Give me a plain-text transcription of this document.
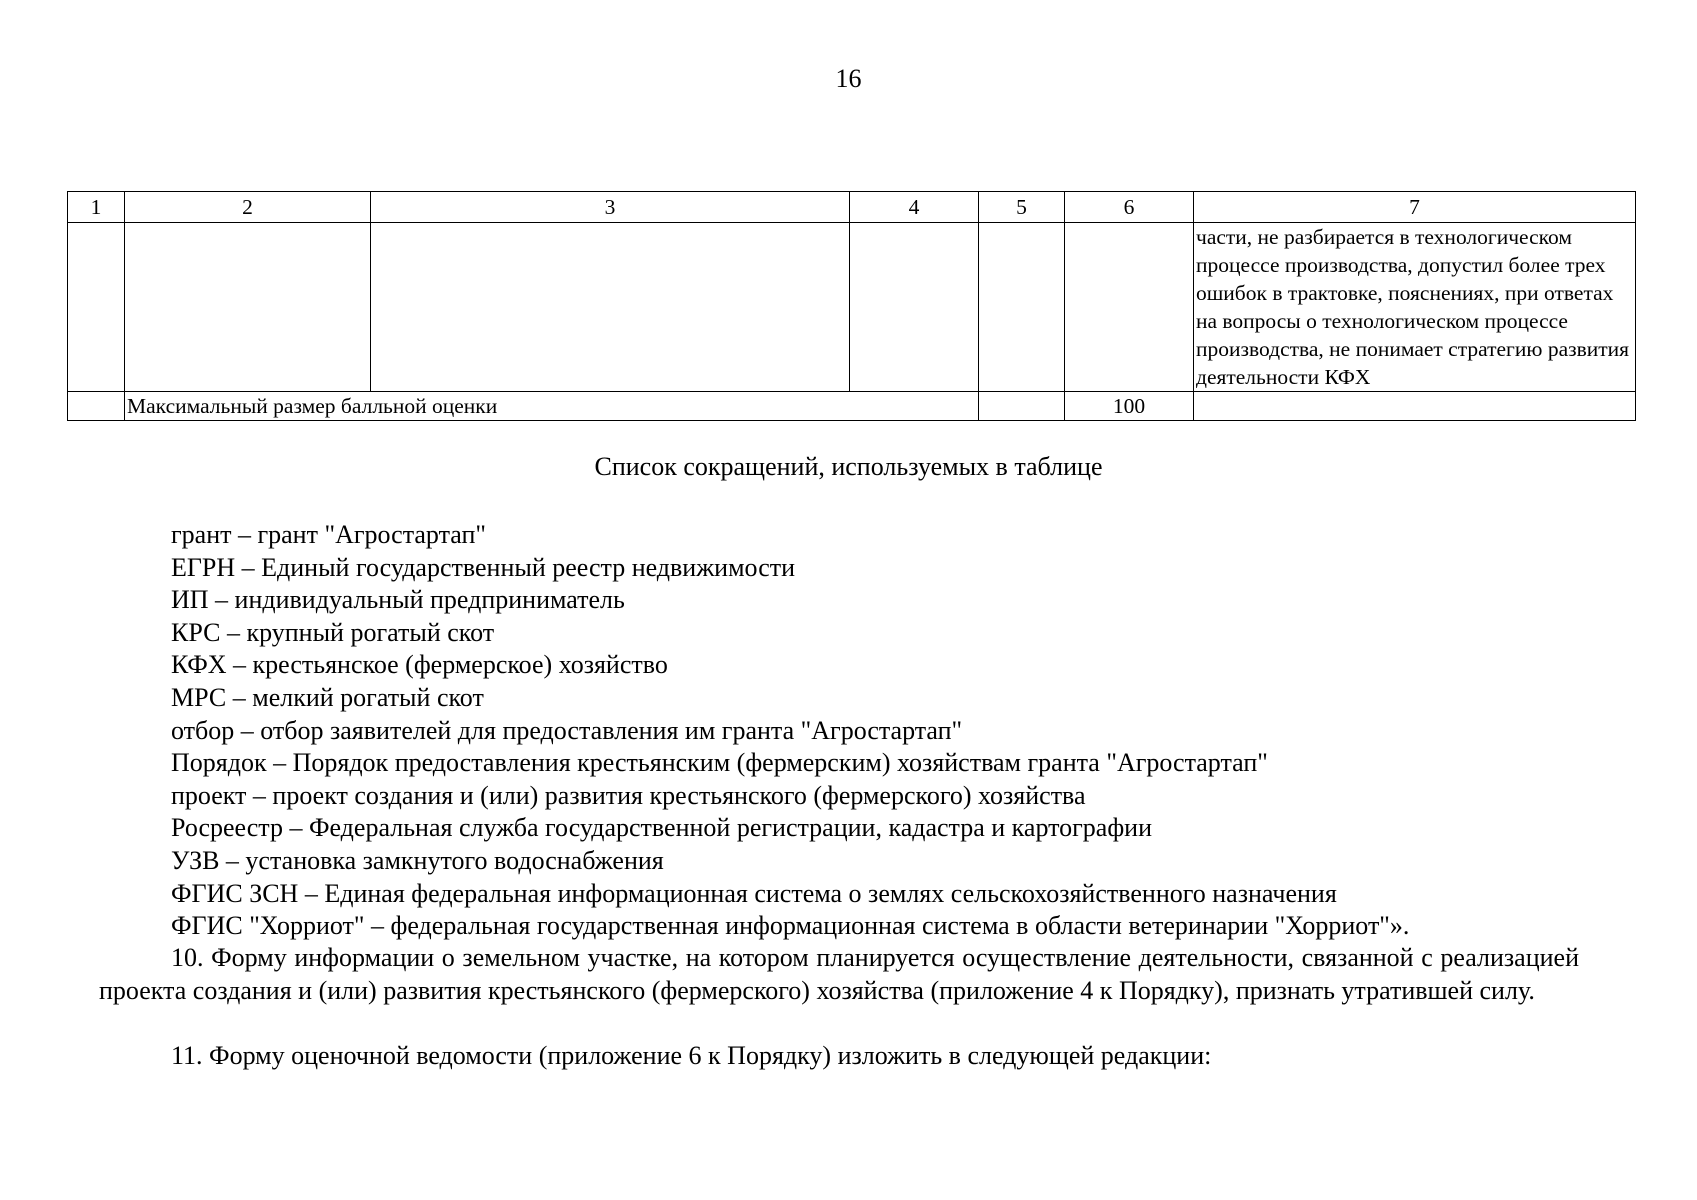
16
1	2	3	4	5	6	7
						части, не разбирается в технологическом процессе производства, допустил более трех ошибок в трактовке, пояснениях, при ответах на вопросы о технологическом процессе производства, не понимает стратегию развития деятельности КФХ
	Максимальный размер балльной оценки				100	
Список сокращений, используемых в таблице
грант – грант "Агростартап"
ЕГРН – Единый государственный реестр недвижимости
ИП – индивидуальный предприниматель
КРС – крупный рогатый скот
КФХ – крестьянское (фермерское) хозяйство
МРС – мелкий рогатый скот
отбор – отбор заявителей для предоставления им гранта "Агростартап"
Порядок – Порядок предоставления крестьянским (фермерским) хозяйствам гранта "Агростартап"
проект – проект создания и (или) развития крестьянского (фермерского) хозяйства
Росреестр – Федеральная служба государственной регистрации, кадастра и картографии
УЗВ – установка замкнутого водоснабжения
ФГИС ЗСН – Единая федеральная информационная система о землях сельскохозяйственного назначения
ФГИС "Хорриот" – федеральная государственная информационная система в области ветеринарии "Хорриот"».

10. Форму информации о земельном участке, на котором планируется осуществление деятельности, связанной с реализацией проекта создания и (или) развития крестьянского (фермерского) хозяйства (приложение 4 к Порядку), признать утратившей силу.

11. Форму оценочной ведомости (приложение 6 к Порядку) изложить в следующей редакции:
